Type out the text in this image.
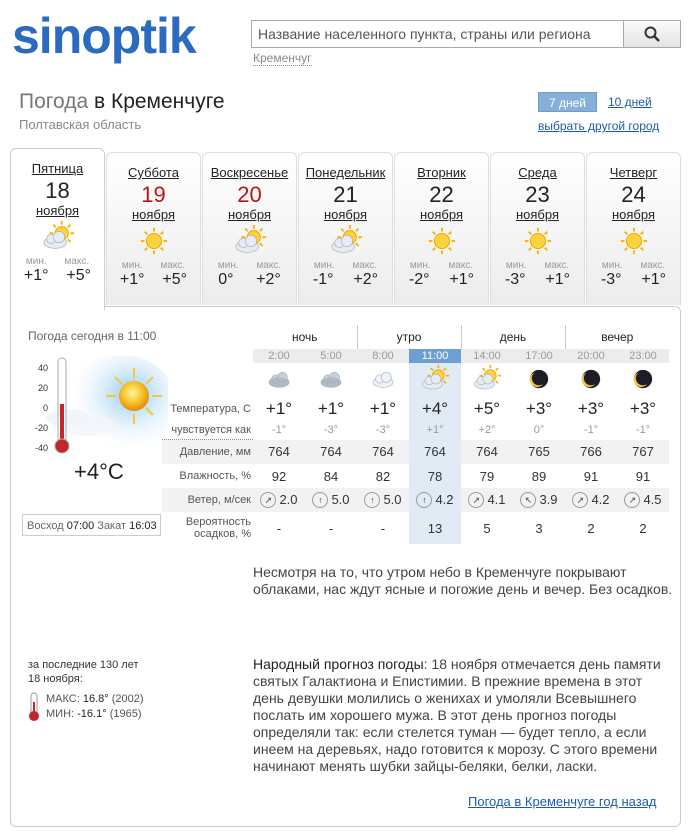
sinoptik
Название населенного пункта, страны или региона	Кременчуг
Погода в Кременчуге
Полтавская область
7 дней	10 дней
выбрать другой город
Пятница
18
ноября
мин. макс.
+1° +5°
Суббота
19
ноября
мин. макс.
+1° +5°
Воскресенье
20
ноября
мин. макс.
0° +2°
Понедельник
21
ноября
мин. макс.
-1° +2°
Вторник
22
ноября
мин. макс.
-2° +1°
Среда
23
ноября
мин. макс.
-3° +1°
Четверг
24
ноября
мин. макс.
-3° +1°
Погода сегодня в 11:00
40
20
0
-20
-40
+4°C
Восход 07:00 Закат 16:03
	ночь		утро		день		вечер	
	2:00	5:00	8:00	11:00	14:00	17:00	20:00	23:00

Температура, С	+1°	+1°	+1°	+4°	+5°	+3°	+3°	+3°
чувствуется как	-1°	-3°	-3°	+1°	+2°	0°	-1°	-1°
Давление, мм	764	764	764	764	764	765	766	767
Влажность, %	92	84	82	78	79	89	91	91
Ветер, м/сек	↗ 2.0	↑ 5.0	↑ 5.0	↑ 4.2	↗ 4.1	↖ 3.9	↗ 4.2	↗ 4.5
Вероятность осадков, %	-	-	-	13	5	3	2	2
Несмотря на то, что утром небо в Кременчуге покрывают облаками, нас ждут ясные и погожие день и вечер. Без осадков.
Народный прогноз погоды: 18 ноября отмечается день памяти святых Галактиона и Епистимии. В прежние времена в этот день девушки молились о женихах и умоляли Всевышнего послать им хорошего мужа. В этот день прогноз погоды определяли так: если стелется туман — будет тепло, а если инеем на деревьях, надо готовится к морозу. С этого времени начинают менять шубки зайцы-беляки, белки, ласки.
за последние 130 лет
18 ноября:
МАКС: 16.8° (2002)
МИН: -16.1° (1965)
Погода в Кременчуге год назад
